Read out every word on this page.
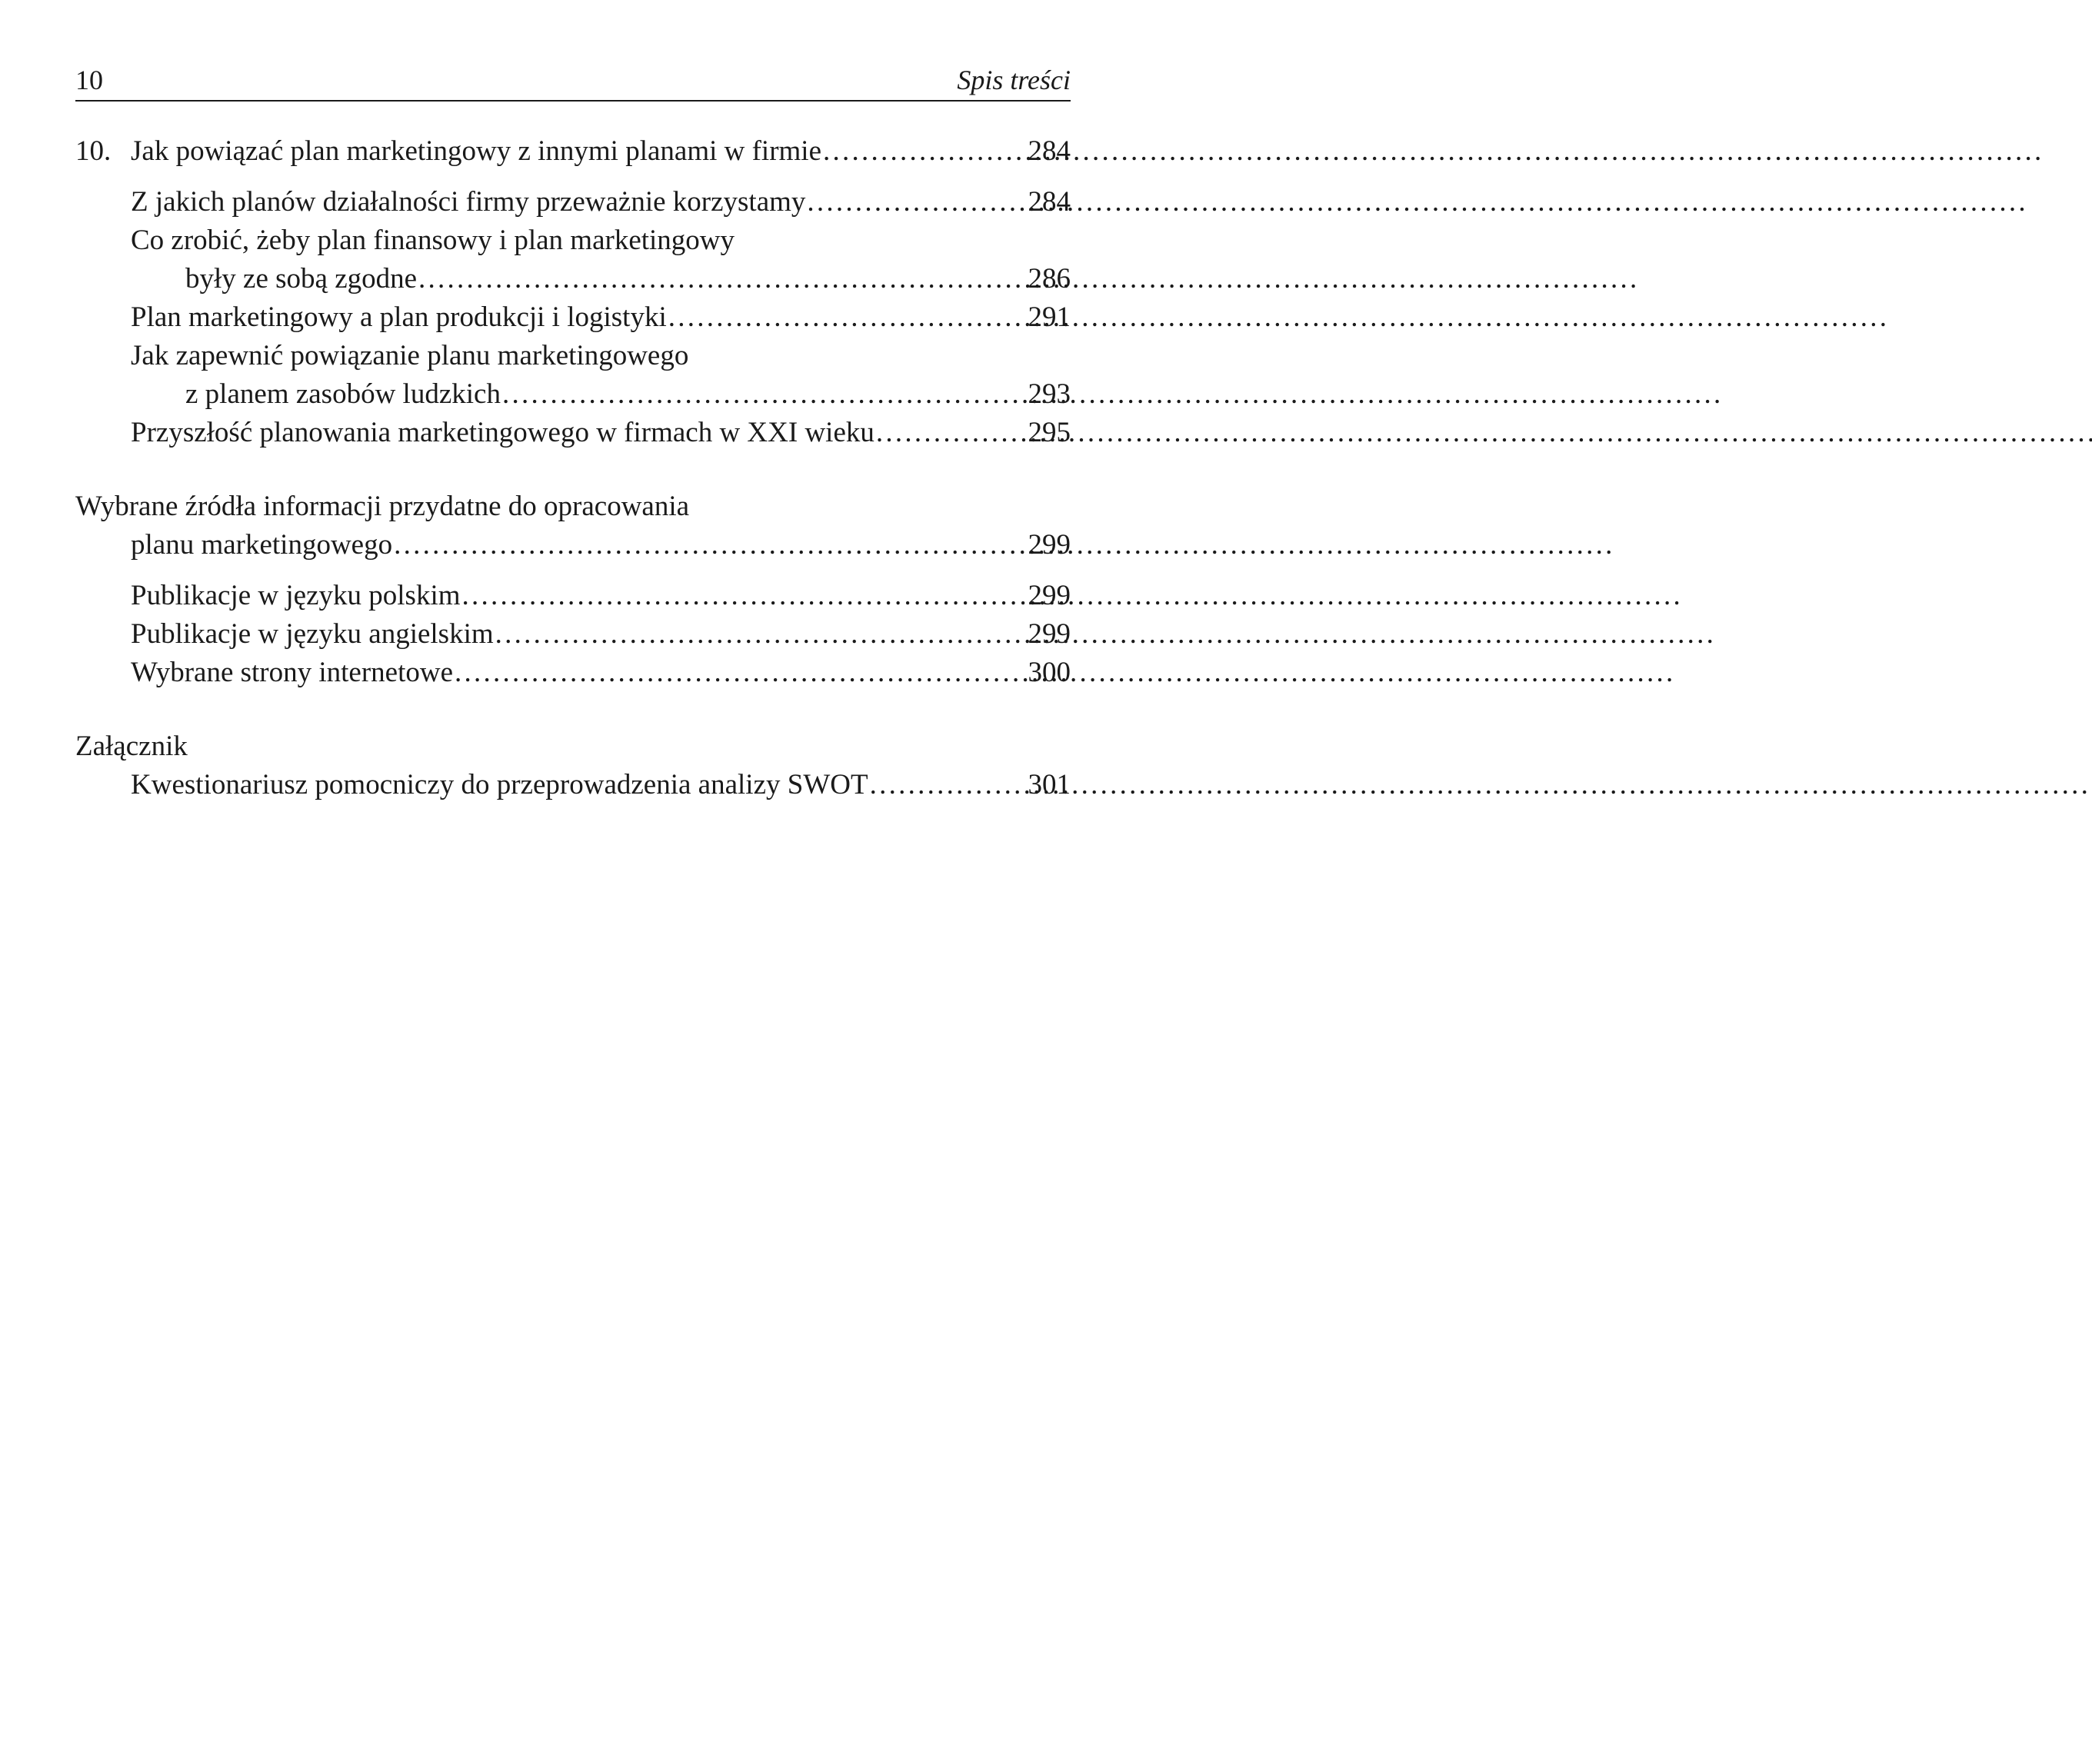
10	Spis treści
10. Jak powiązać plan marketingowy z innymi planami w firmie . . .	284
Z jakich planów działalności firmy przeważnie korzystamy . . .	284
Co zrobić, żeby plan finansowy i plan marketingowy
były ze sobą zgodne . . .	286
Plan marketingowy a plan produkcji i logistyki . . .	291
Jak zapewnić powiązanie planu marketingowego
z planem zasobów ludzkich . . .	293
Przyszłość planowania marketingowego w firmach w XXI wieku . . .	295
Wybrane źródła informacji przydatne do opracowania
planu marketingowego . . .	299
Publikacje w języku polskim . . .	299
Publikacje w języku angielskim . . .	299
Wybrane strony internetowe . . .	300
Załącznik
Kwestionariusz pomocniczy do przeprowadzenia analizy SWOT . . .	301
